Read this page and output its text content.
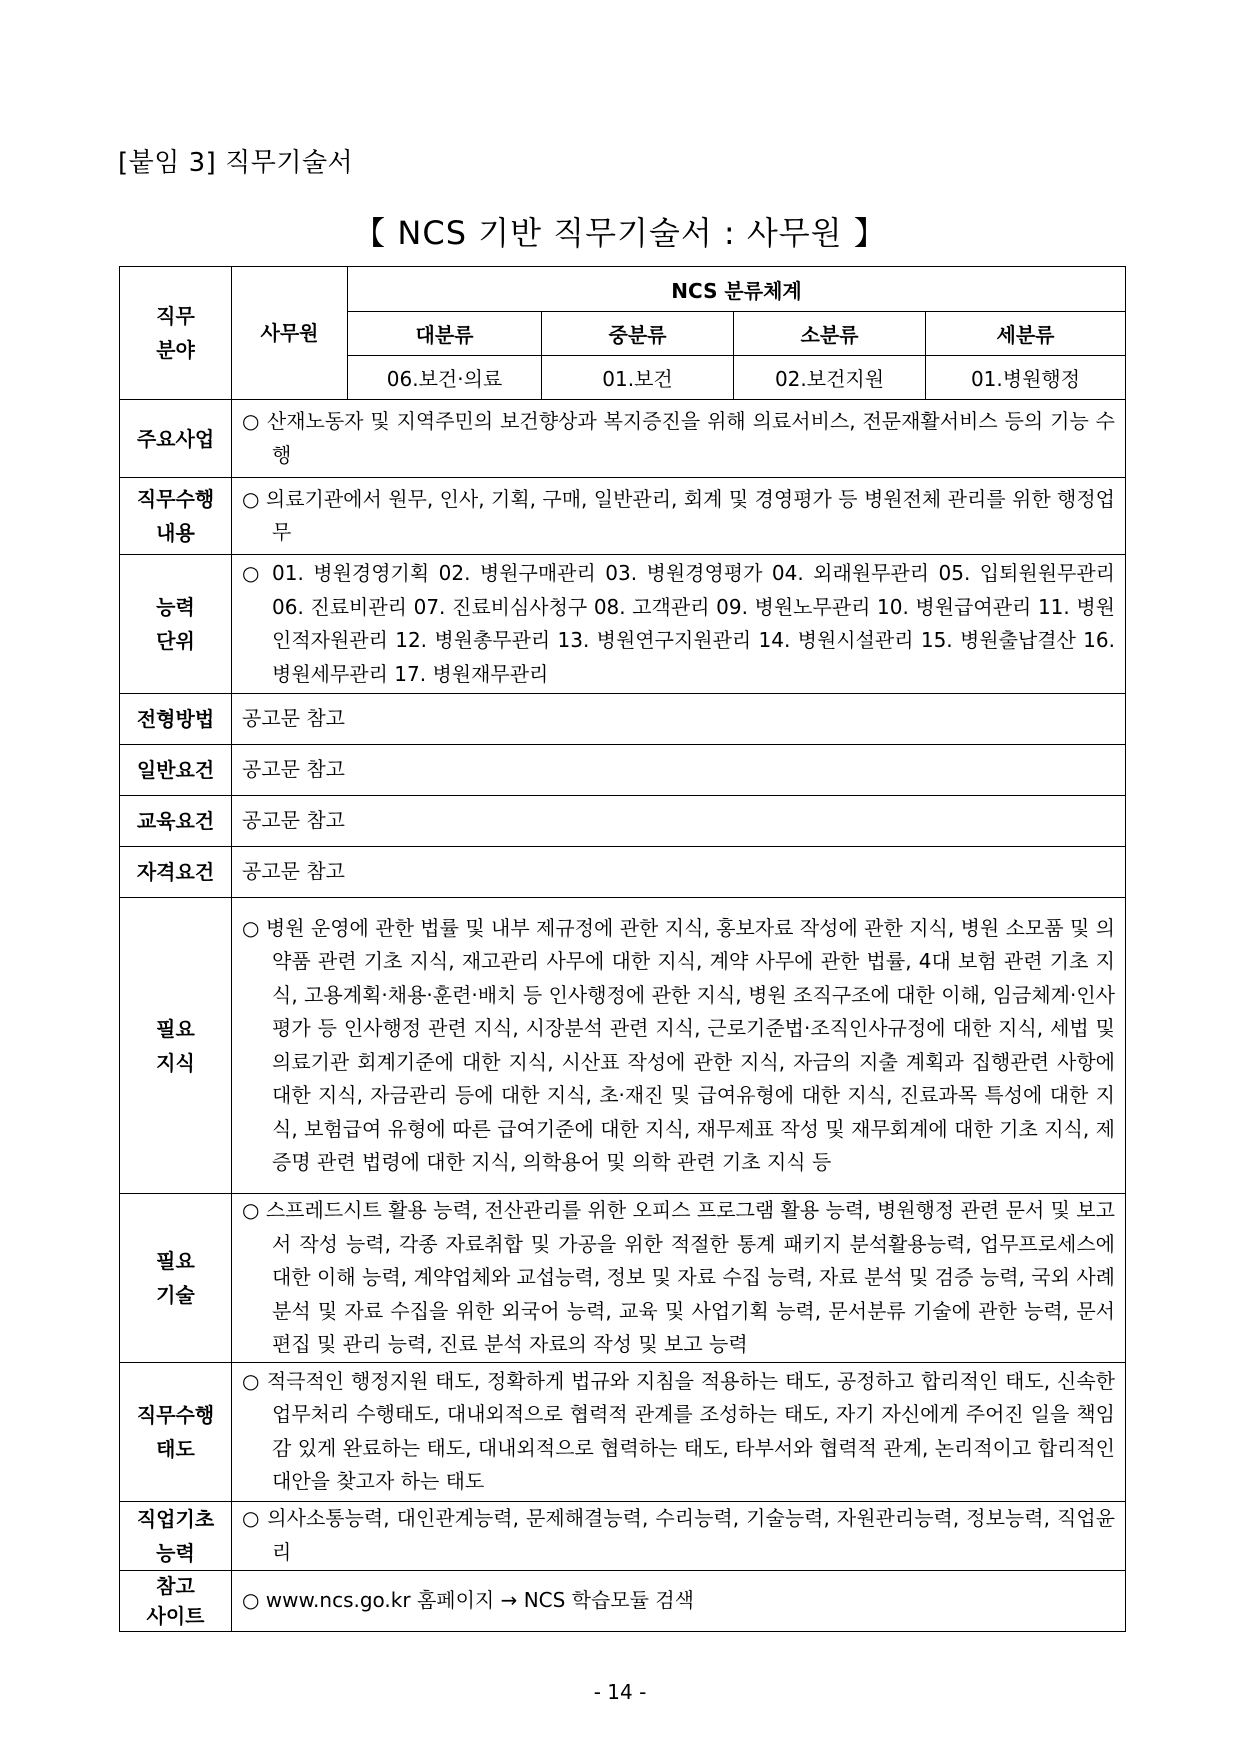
[붙임 3] 직무기술서
【 NCS 기반 직무기술서 : 사무원 】
직무
분야	사무원	NCS 분류체계			
		대분류	중분류	소분류	세분류
		06.보건·의료	01.보건	02.보건지원	01.병원행정
주요사업	○ 산재노동자 및 지역주민의 보건향상과 복지증진을 위해 의료서비스, 전문재활서비스 등의 기능 수행				

직무수행
내용	○ 의료기관에서 원무, 인사, 기획, 구매, 일반관리, 회계 및 경영평가 등 병원전체 관리를 위한 행정업무				

능력
단위	○ 01. 병원경영기획 02. 병원구매관리 03. 병원경영평가 04. 외래원무관리 05. 입퇴원원무관리 06. 진료비관리 07. 진료비심사청구 08. 고객관리 09. 병원노무관리 10. 병원급여관리 11. 병원인적자원관리 12. 병원총무관리 13. 병원연구지원관리 14. 병원시설관리 15. 병원출납결산 16. 병원세무관리 17. 병원재무관리				

전형방법	공고문 참고				
일반요건	공고문 참고				
교육요건	공고문 참고				
자격요건	공고문 참고				
필요
지식	○ 병원 운영에 관한 법률 및 내부 제규정에 관한 지식, 홍보자료 작성에 관한 지식, 병원 소모품 및 의약품 관련 기초 지식, 재고관리 사무에 대한 지식, 계약 사무에 관한 법률, 4대 보험 관련 기초 지식, 고용계획·채용·훈련·배치 등 인사행정에 관한 지식, 병원 조직구조에 대한 이해, 임금체계·인사평가 등 인사행정 관련 지식, 시장분석 관련 지식, 근로기준법·조직인사규정에 대한 지식, 세법 및 의료기관 회계기준에 대한 지식, 시산표 작성에 관한 지식, 자금의 지출 계획과 집행관련 사항에 대한 지식, 자금관리 등에 대한 지식, 초·재진 및 급여유형에 대한 지식, 진료과목 특성에 대한 지식, 보험급여 유형에 따른 급여기준에 대한 지식, 재무제표 작성 및 재무회계에 대한 기초 지식, 제증명 관련 법령에 대한 지식, 의학용어 및 의학 관련 기초 지식 등				

필요
기술	○ 스프레드시트 활용 능력, 전산관리를 위한 오피스 프로그램 활용 능력, 병원행정 관련 문서 및 보고서 작성 능력, 각종 자료취합 및 가공을 위한 적절한 통계 패키지 분석활용능력, 업무프로세스에 대한 이해 능력, 계약업체와 교섭능력, 정보 및 자료 수집 능력, 자료 분석 및 검증 능력, 국외 사례 분석 및 자료 수집을 위한 외국어 능력, 교육 및 사업기획 능력, 문서분류 기술에 관한 능력, 문서 편집 및 관리 능력, 진료 분석 자료의 작성 및 보고 능력				

직무수행
태도	○ 적극적인 행정지원 태도, 정확하게 법규와 지침을 적용하는 태도, 공정하고 합리적인 태도, 신속한 업무처리 수행태도, 대내외적으로 협력적 관계를 조성하는 태도, 자기 자신에게 주어진 일을 책임감 있게 완료하는 태도, 대내외적으로 협력하는 태도, 타부서와 협력적 관계, 논리적이고 합리적인 대안을 찾고자 하는 태도				

직업기초
능력	○ 의사소통능력, 대인관계능력, 문제해결능력, 수리능력, 기술능력, 자원관리능력, 정보능력, 직업윤리				

참고
사이트	○ www.ncs.go.kr 홈페이지 → NCS 학습모듈 검색				
- 14 -
